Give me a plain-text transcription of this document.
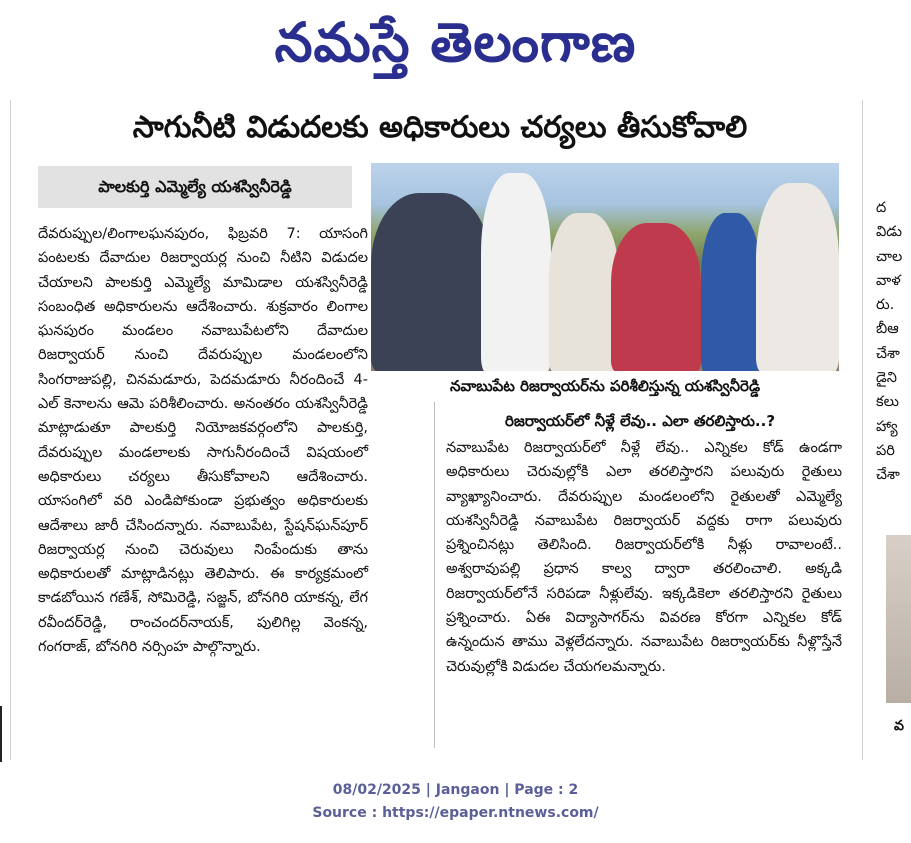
నమస్తే తెలంగాణ
సాగునీటి విడుదలకు అధికారులు చర్యలు తీసుకోవాలి
పాలకుర్తి ఎమ్మెల్యే యశస్వినీరెడ్డి

దేవరుప్పుల/లింగాలఘనపురం, ఫిబ్రవరి 7: యాసంగి పంటలకు దేవాదుల రిజర్వాయర్ల నుంచి నీటిని విడుదల చేయాలని పాలకుర్తి ఎమ్మెల్యే మామిడాల యశస్వినీరెడ్డి సంబంధిత అధికారులను ఆదేశించారు. శుక్రవారం లింగాల ఘనపురం మండలం నవాబుపేటలోని దేవాదుల రిజర్వాయర్ నుంచి దేవరుప్పుల మండలంలోని సింగరాజుపల్లి, చినమడూరు, పెదమడూరు నీరందించే 4-ఎల్ కెనాలను ఆమె పరిశీలించారు. అనంతరం యశస్వినీరెడ్డి మాట్లాడుతూ పాలకుర్తి నియోజకవర్గంలోని పాలకుర్తి, దేవరుప్పుల మండలాలకు సాగునీరందించే విషయంలో అధికారులు చర్యలు తీసుకోవాలని ఆదేశించారు. యాసంగిలో వరి ఎండిపోకుండా ప్రభుత్వం అధికారులకు ఆదేశాలు జారీ చేసిందన్నారు. నవాబుపేట, స్టేషన్‌ఘన్‌పూర్ రిజర్వాయర్ల నుంచి చెరువులు నింపేందుకు తాను అధికారులతో మాట్లాడినట్లు తెలిపారు. ఈ కార్యక్రమంలో కాడబోయిన గణేశ్, సోమిరెడ్డి, సజ్జన్, బోనగిరి యాకన్న, లేగ రవీందర్‌రెడ్డి, రాంచందర్‌నాయక్, పులిగిల్ల వెంకన్న, గంగరాజ్, బోనగిరి నర్సింహ పాల్గొన్నారు.

నవాబుపేట రిజర్వాయర్‌ను పరిశీలిస్తున్న యశస్వినీరెడ్డి
రిజర్వాయర్‌లో నీళ్లే లేవు.. ఎలా తరలిస్తారు..?

నవాబుపేట రిజర్వాయర్‌లో నీళ్లే లేవు.. ఎన్నికల కోడ్ ఉండగా అధికారులు చెరువుల్లోకి ఎలా తరలిస్తారని పలువురు రైతులు వ్యాఖ్యానించారు. దేవరుప్పుల మండలంలోని రైతులతో ఎమ్మెల్యే యశస్వినీరెడ్డి నవాబుపేట రిజర్వాయర్ వద్దకు రాగా పలువురు ప్రశ్నించినట్లు తెలిసింది. రిజర్వాయర్‌లోకి నీళ్లు రావాలంటే.. అశ్వరావుపల్లి ప్రధాన కాల్వ ద్వారా తరలించాలి. అక్కడి రిజర్వాయర్‌లోనే సరిపడా నీళ్లులేవు. ఇక్కడికెలా తరలిస్తారని రైతులు ప్రశ్నించారు. ఏఈ విద్యాసాగర్‌ను వివరణ కోరగా ఎన్నికల కోడ్ ఉన్నందున తాము వెళ్లలేదన్నారు. నవాబుపేట రిజర్వాయర్‌కు నీళ్లొస్తేనే చెరువుల్లోకి విడుదల చేయగలమన్నారు.

ద
విడు
చాల
వాళ
రు.
బీఆ
చేశా
డైని
కలు
హ్యా
పరి
చేశా
వ
08/02/2025 | Jangaon | Page : 2
Source : https://epaper.ntnews.com/
